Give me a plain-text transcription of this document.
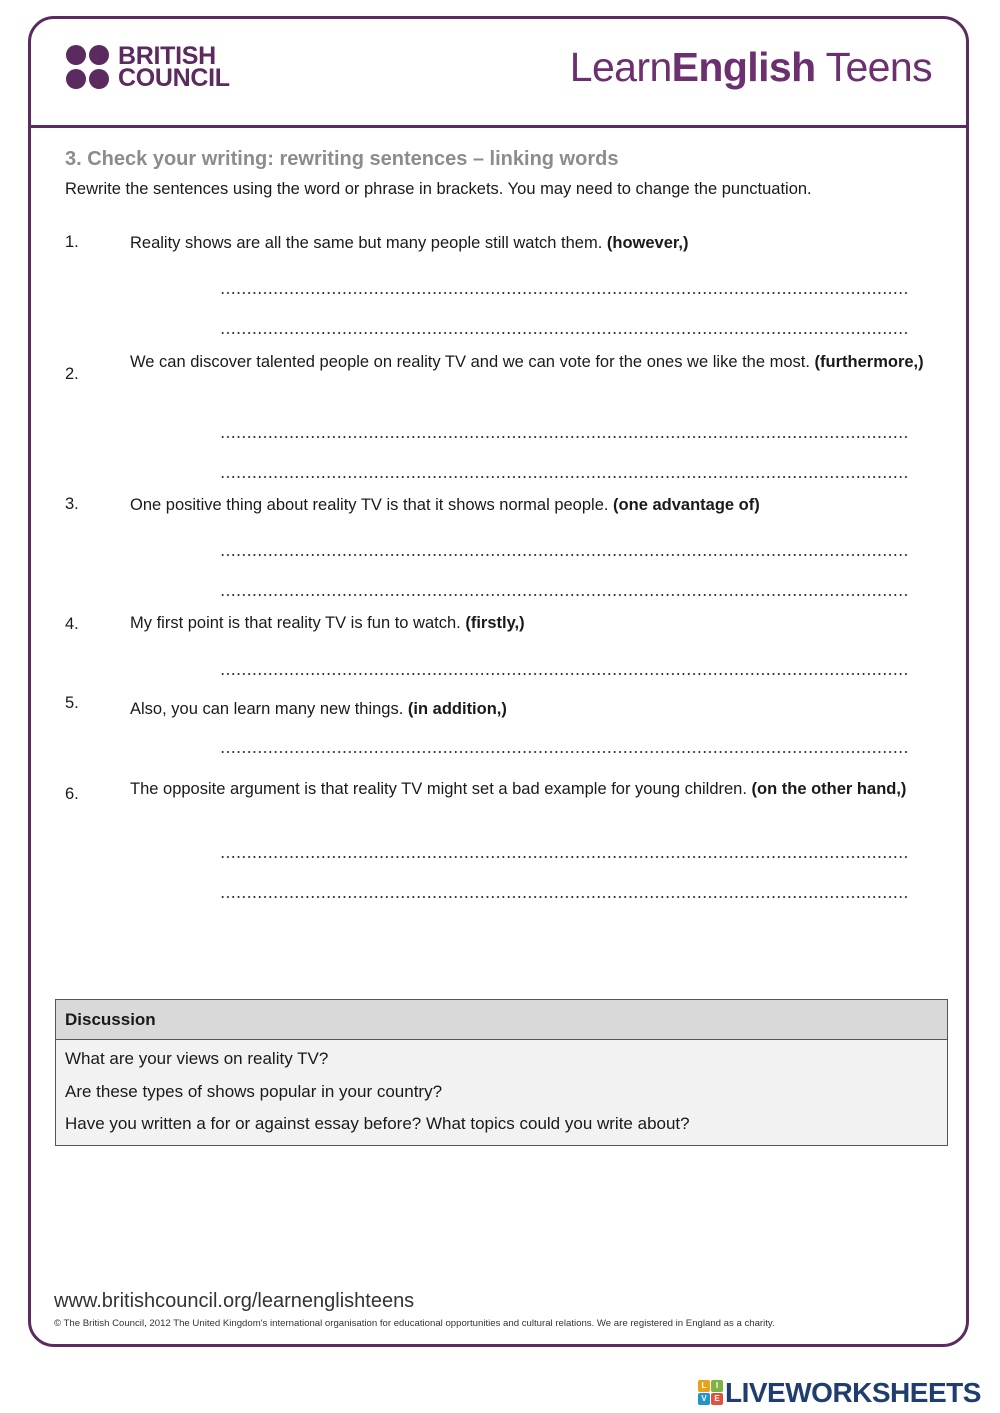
BRITISH
COUNCIL	LearnEnglish Teens
3. Check your writing: rewriting sentences – linking words
Rewrite the sentences using the word or phrase in brackets. You may need to change the punctuation.
1.	Reality shows are all the same but many people still watch them. (however,)
2.
We can discover talented people on reality TV and we can vote for the ones we like the most. (furthermore,)
3.	One positive thing about reality TV is that it shows normal people. (one advantage of)
4.	My first point is that reality TV is fun to watch. (firstly,)
5.	Also, you can learn many new things. (in addition,)
6.	The opposite argument is that reality TV might set a bad example for young children. (on the other hand,)
Discussion
What are your views on reality TV?
Are these types of shows popular in your country?
Have you written a for or against essay before? What topics could you write about?
www.britishcouncil.org/learnenglishteens
© The British Council, 2012 The United Kingdom's international organisation for educational opportunities and cultural relations. We are registered in England as a charity.
L	I
V E LIVEWORKSHEETS
